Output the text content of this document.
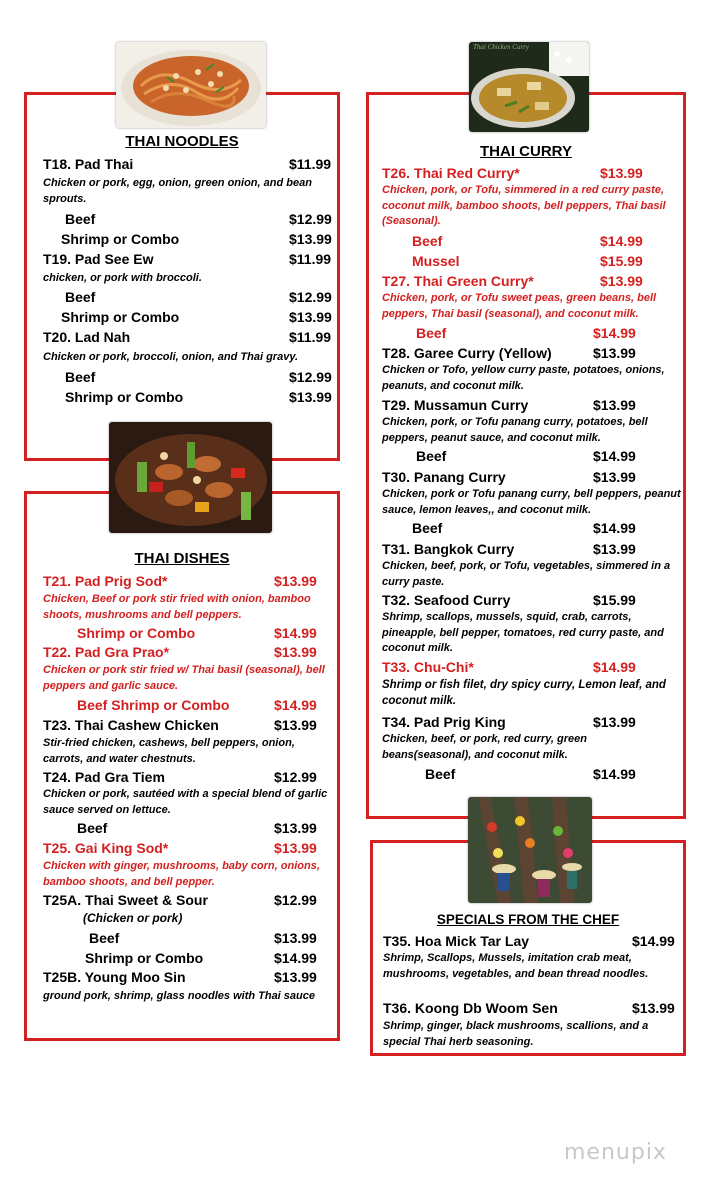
THAI NOODLES
T18. Pad Thai	$11.99
Chicken or pork, egg, onion, green onion, and bean sprouts.
Beef	$12.99
Shrimp or Combo	$13.99
T19. Pad See Ew	$11.99
chicken, or pork with broccoli.
Beef	$12.99
Shrimp or Combo	$13.99
T20. Lad Nah	$11.99
Chicken or pork, broccoli, onion, and Thai gravy.
Beef	$12.99
Shrimp or Combo	$13.99
THAI DISHES
T21. Pad Prig Sod*	$13.99
Chicken, Beef or pork stir fried with onion, bamboo shoots, mushrooms and bell peppers.
Shrimp or Combo	$14.99
T22. Pad Gra Prao*	$13.99
Chicken or pork stir fried w/ Thai basil (seasonal), bell peppers and garlic sauce.
Beef Shrimp or Combo	$14.99
T23. Thai Cashew Chicken	$13.99
Stir-fried chicken, cashews, bell peppers, onion, carrots, and water chestnuts.
T24. Pad Gra Tiem	$12.99
Chicken or pork, sautéed with a special blend of garlic sauce served on lettuce.
Beef	$13.99
T25. Gai King Sod*	$13.99
Chicken with ginger, mushrooms, baby corn, onions, bamboo shoots, and bell pepper.
T25A. Thai Sweet & Sour	$12.99
(Chicken or pork)
Beef	$13.99
Shrimp or Combo	$14.99
T25B. Young Moo Sin	$13.99
ground pork, shrimp, glass noodles with Thai sauce
THAI CURRY
T26. Thai Red Curry*	$13.99
Chicken, pork, or Tofu, simmered in a red curry paste, coconut milk, bamboo shoots, bell peppers, Thai basil (Seasonal).
Beef	$14.99
Mussel	$15.99
T27. Thai Green Curry*	$13.99
Chicken, pork, or Tofu sweet peas, green beans, bell peppers, Thai basil (seasonal), and coconut milk.
Beef	$14.99
T28. Garee Curry (Yellow)	$13.99
Chicken or Tofo, yellow curry paste, potatoes, onions, peanuts, and coconut milk.
T29. Mussamun Curry	$13.99
Chicken, pork, or Tofu panang curry, potatoes, bell peppers, peanut sauce, and coconut milk.
Beef	$14.99
T30. Panang Curry	$13.99
Chicken, pork or Tofu panang curry, bell peppers, peanut sauce, lemon leaves,, and coconut milk.
Beef	$14.99
T31. Bangkok Curry	$13.99
Chicken, beef, pork, or Tofu, vegetables, simmered in a curry paste.
T32. Seafood Curry	$15.99
Shrimp, scallops, mussels, squid, crab, carrots, pineapple, bell pepper, tomatoes, red curry paste, and coconut milk.
T33. Chu-Chi*	$14.99
Shrimp or fish filet, dry spicy curry, Lemon leaf, and coconut milk.
T34. Pad Prig King	$13.99
Chicken, beef, or pork, red curry, green beans(seasonal), and coconut milk.
Beef	$14.99
Thai Chicken Curry
SPECIALS FROM THE CHEF
T35. Hoa Mick Tar Lay	$14.99
Shrimp, Scallops, Mussels, imitation crab meat, mushrooms, vegetables, and bean thread noodles.
T36. Koong Db Woom Sen	$13.99
Shrimp, ginger, black mushrooms, scallions, and a special Thai herb seasoning.
menupix
